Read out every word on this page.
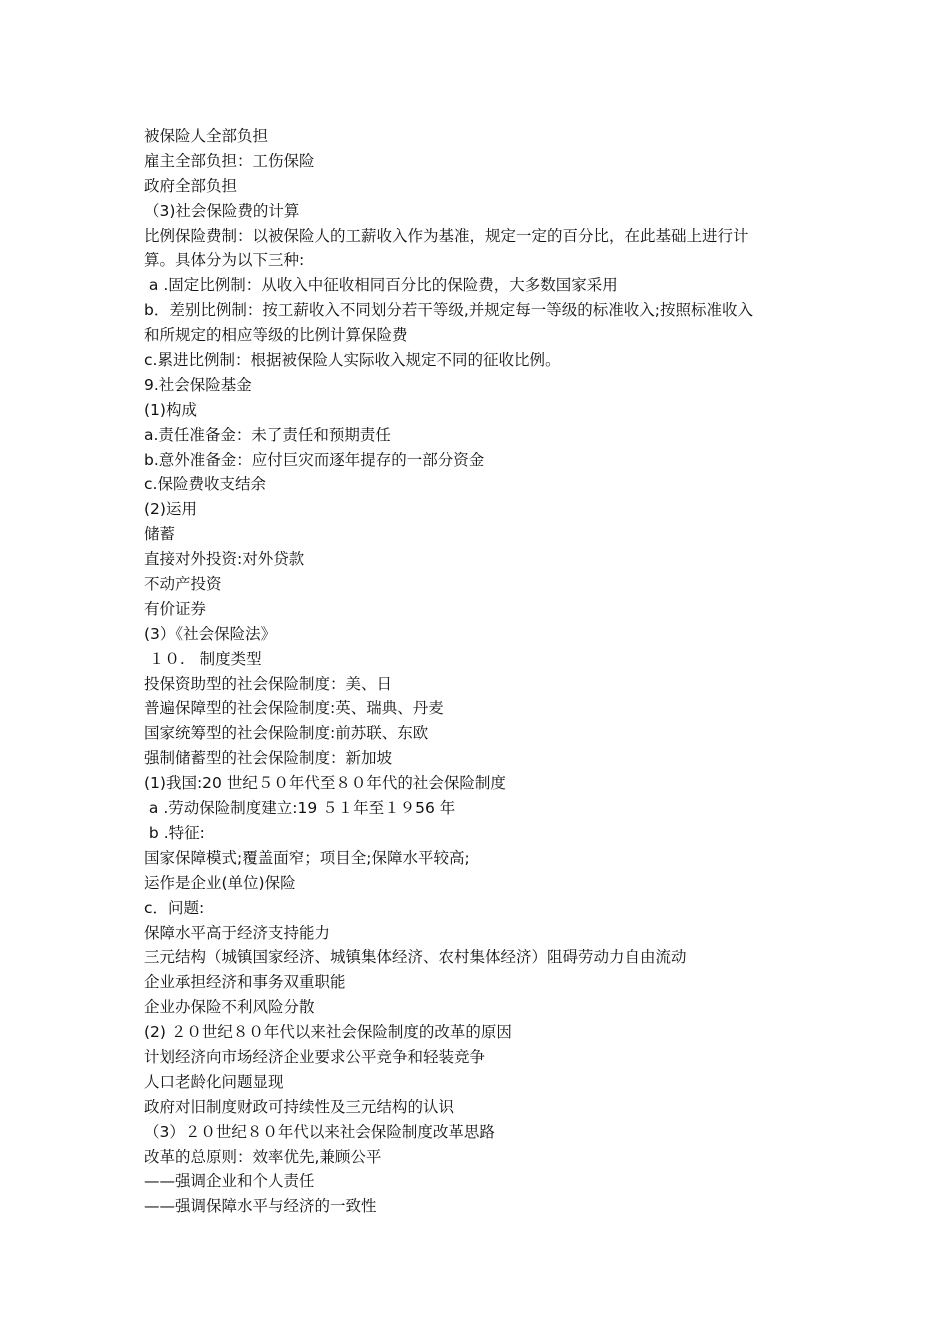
被保险人全部负担
雇主全部负担：工伤保险
政府全部负担
（3)社会保险费的计算
比例保险费制：以被保险人的工薪收入作为基准，规定一定的百分比，在此基础上进行计
算。具体分为以下三种:
a .固定比例制：从收入中征收相同百分比的保险费，大多数国家采用
b．差别比例制：按工薪收入不同划分若干等级,并规定每一等级的标准收入;按照标准收入
和所规定的相应等级的比例计算保险费
c.累进比例制：根据被保险人实际收入规定不同的征收比例。
9.社会保险基金
(1)构成
a.责任准备金：未了责任和预期责任
b.意外准备金：应付巨灾而逐年提存的一部分资金
c.保险费收支结余
(2)运用
储蓄
直接对外投资:对外贷款
不动产投资
有价证券
(3）《社会保险法》
１０.   制度类型
投保资助型的社会保险制度：美、日
普遍保障型的社会保险制度:英、瑞典、丹麦
国家统筹型的社会保险制度:前苏联、东欧
强制储蓄型的社会保险制度：新加坡
(1)我国:20 世纪５０年代至８０年代的社会保险制度
a .劳动保险制度建立:19 ５１年至１９56 年
b .特征:
国家保障模式;覆盖面窄；项目全;保障水平较高;
运作是企业(单位)保险
c．问题:
保障水平高于经济支持能力
三元结构（城镇国家经济、城镇集体经济、农村集体经济）阻碍劳动力自由流动
企业承担经济和事务双重职能
企业办保险不利风险分散
(2) ２０世纪８０年代以来社会保险制度的改革的原因
计划经济向市场经济企业要求公平竞争和轻装竞争
人口老龄化问题显现
政府对旧制度财政可持续性及三元结构的认识
（3）２０世纪８０年代以来社会保险制度改革思路
改革的总原则：效率优先,兼顾公平
——强调企业和个人责任
——强调保障水平与经济的一致性
